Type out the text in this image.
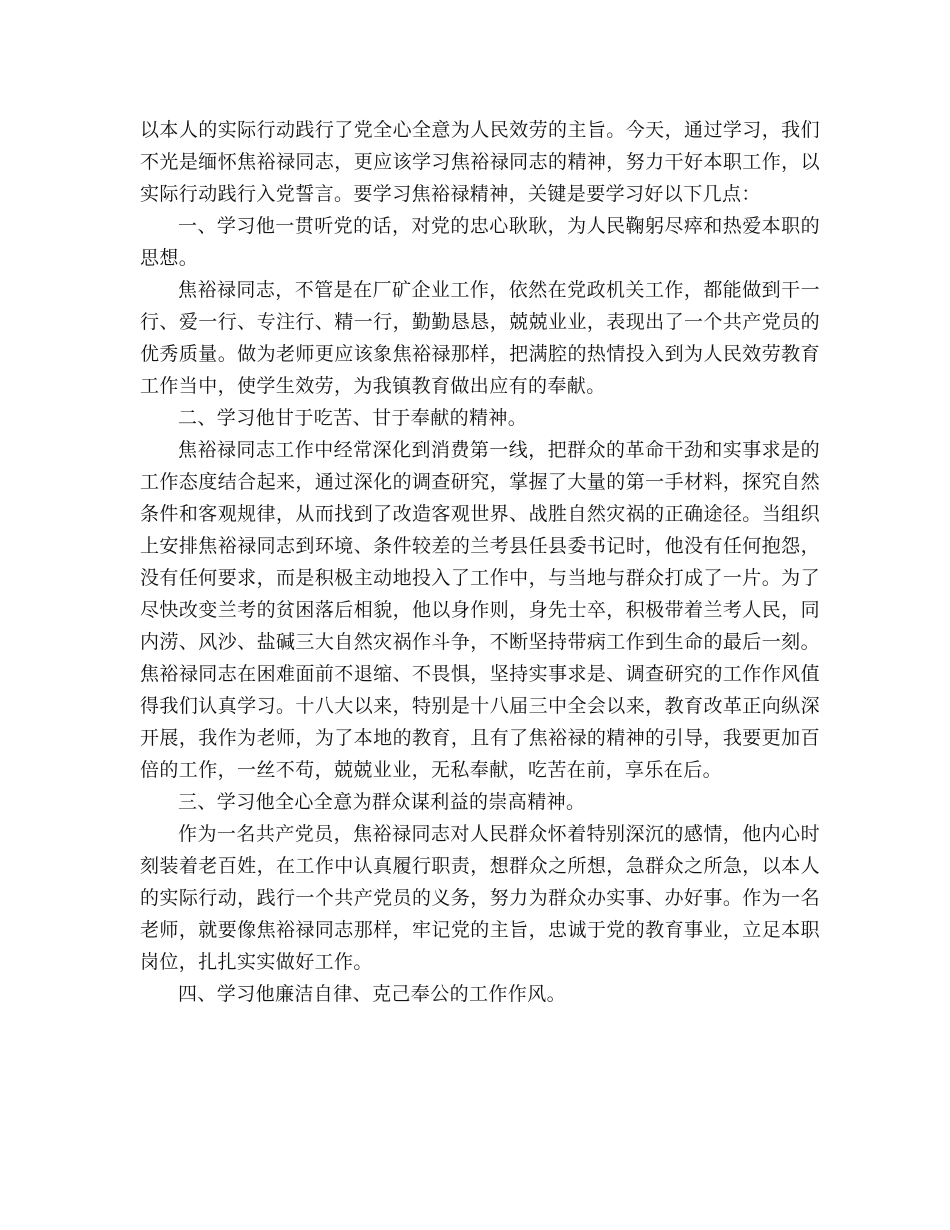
以本人的实际行动践行了党全心全意为人民效劳的主旨。今天，通过学习，我们不光是缅怀焦裕禄同志，更应该学习焦裕禄同志的精神，努力干好本职工作，以实际行动践行入党誓言。要学习焦裕禄精神，关键是要学习好以下几点：

一、学习他一贯听党的话，对党的忠心耿耿，为人民鞠躬尽瘁和热爱本职的思想。

焦裕禄同志，不管是在厂矿企业工作，依然在党政机关工作，都能做到干一行、爱一行、专注行、精一行，勤勤恳恳，兢兢业业，表现出了一个共产党员的优秀质量。做为老师更应该象焦裕禄那样，把满腔的热情投入到为人民效劳教育工作当中，使学生效劳，为我镇教育做出应有的奉献。

二、学习他甘于吃苦、甘于奉献的精神。

焦裕禄同志工作中经常深化到消费第一线，把群众的革命干劲和实事求是的工作态度结合起来，通过深化的调查研究，掌握了大量的第一手材料，探究自然条件和客观规律，从而找到了改造客观世界、战胜自然灾祸的正确途径。当组织上安排焦裕禄同志到环境、条件较差的兰考县任县委书记时，他没有任何抱怨，没有任何要求，而是积极主动地投入了工作中，与当地与群众打成了一片。为了尽快改变兰考的贫困落后相貌，他以身作则，身先士卒，积极带着兰考人民，同内涝、风沙、盐碱三大自然灾祸作斗争，不断坚持带病工作到生命的最后一刻。焦裕禄同志在困难面前不退缩、不畏惧，坚持实事求是、调查研究的工作作风值得我们认真学习。十八大以来，特别是十八届三中全会以来，教育改革正向纵深开展，我作为老师，为了本地的教育，且有了焦裕禄的精神的引导，我要更加百倍的工作，一丝不苟，兢兢业业，无私奉献，吃苦在前，享乐在后。

三、学习他全心全意为群众谋利益的崇高精神。

作为一名共产党员，焦裕禄同志对人民群众怀着特别深沉的感情，他内心时刻装着老百姓，在工作中认真履行职责，想群众之所想，急群众之所急，以本人的实际行动，践行一个共产党员的义务，努力为群众办实事、办好事。作为一名老师，就要像焦裕禄同志那样，牢记党的主旨，忠诚于党的教育事业，立足本职岗位，扎扎实实做好工作。

四、学习他廉洁自律、克己奉公的工作作风。
